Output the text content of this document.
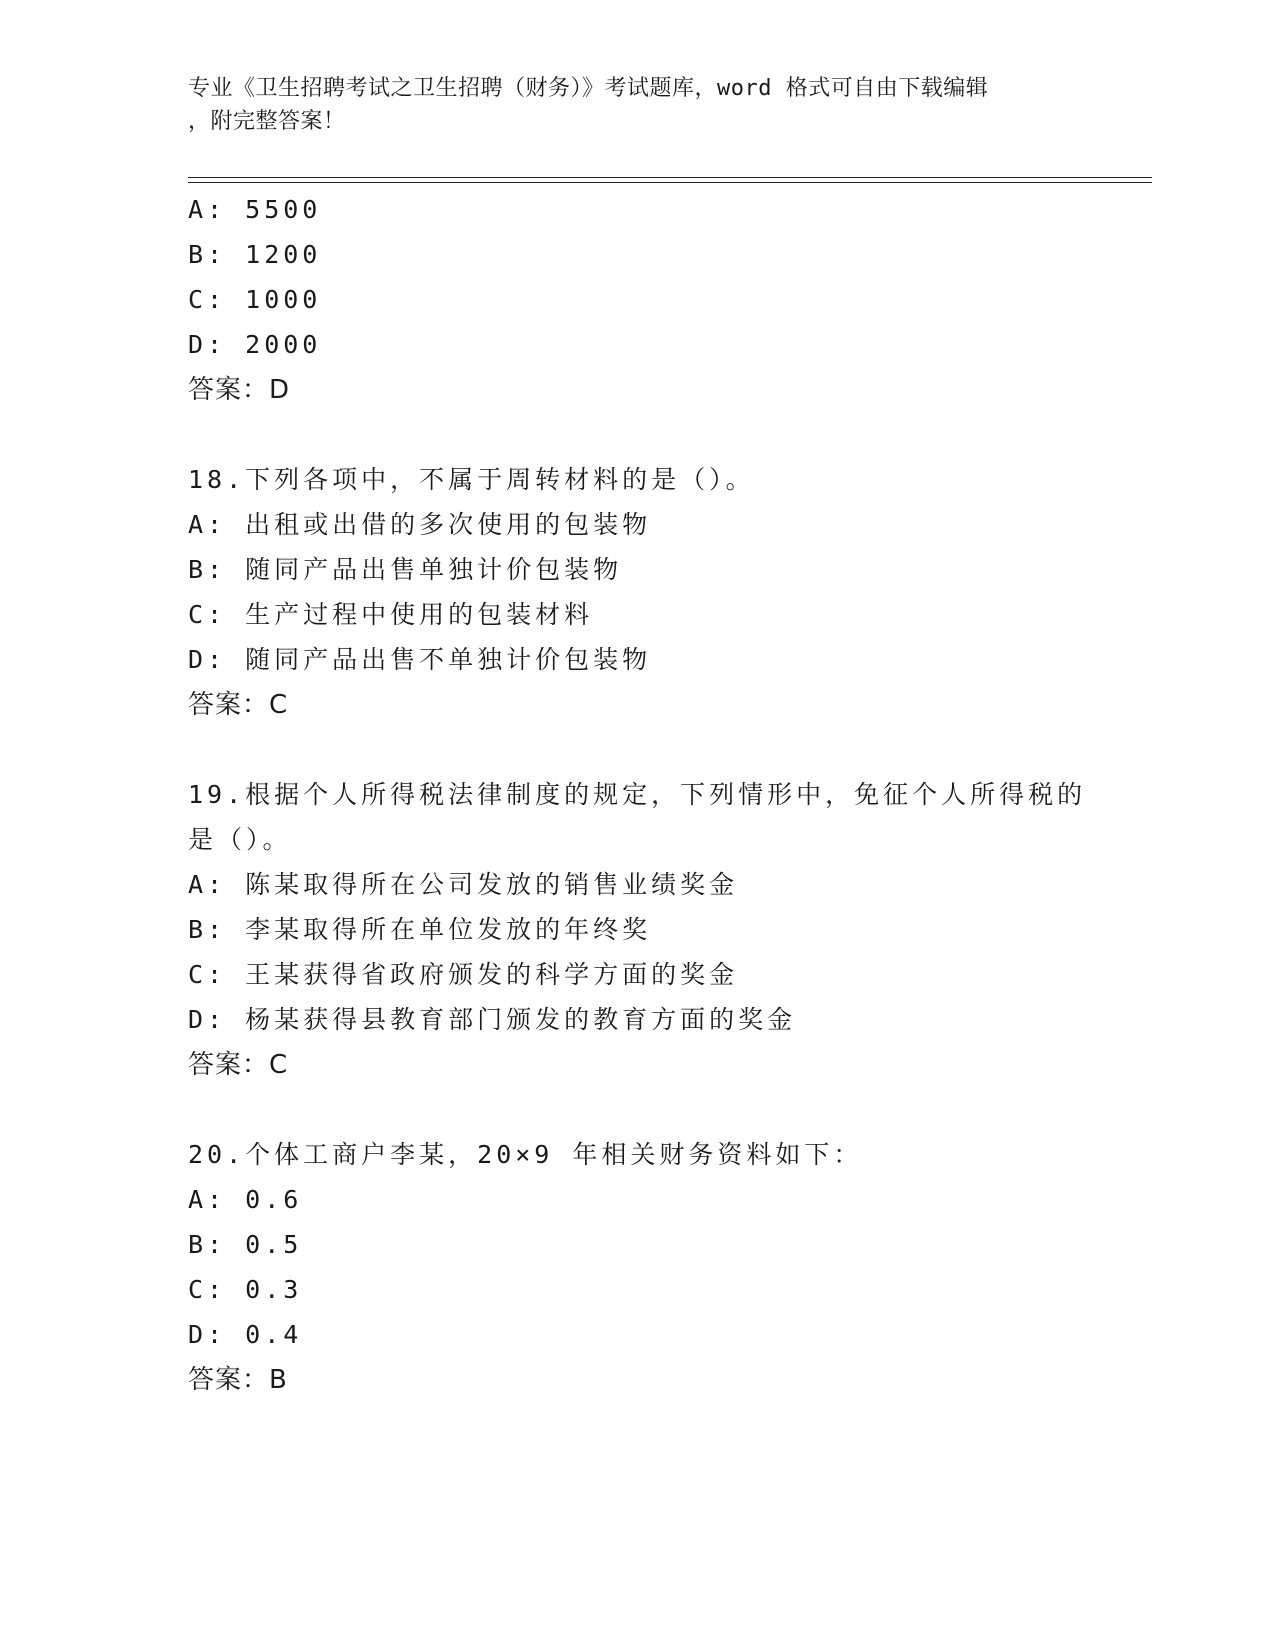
专业《卫生招聘考试之卫生招聘（财务）》考试题库，word 格式可自由下载编辑
，附完整答案！
A: 5500
B: 1200
C: 1000
D: 2000
答案：D
18.下列各项中，不属于周转材料的是（）。
A: 出租或出借的多次使用的包装物
B: 随同产品出售单独计价包装物
C: 生产过程中使用的包装材料
D: 随同产品出售不单独计价包装物
答案：C
19.根据个人所得税法律制度的规定，下列情形中，免征个人所得税的
是（）。
A: 陈某取得所在公司发放的销售业绩奖金
B: 李某取得所在单位发放的年终奖
C: 王某获得省政府颁发的科学方面的奖金
D: 杨某获得县教育部门颁发的教育方面的奖金
答案：C
20.个体工商户李某，20×9 年相关财务资料如下：
A: 0.6
B: 0.5
C: 0.3
D: 0.4
答案：B
